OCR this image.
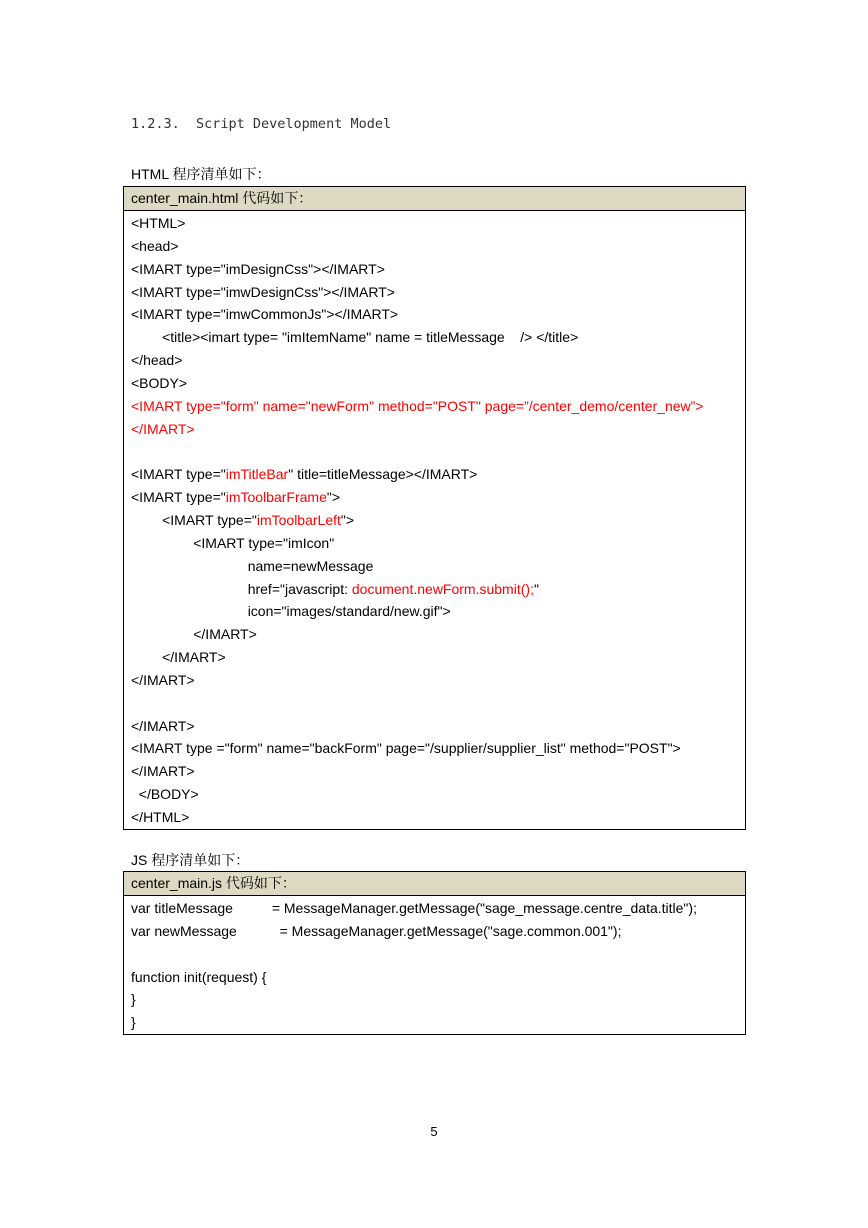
1.2.3.  Script Development Model
HTML 程序清单如下：
center_main.html 代码如下：
<HTML>
<head>
<IMART type="imDesignCss"></IMART>
<IMART type="imwDesignCss"></IMART>
<IMART type="imwCommonJs"></IMART>
<title><imart type= "imItemName" name = titleMessage    /> </title>
</head>
<BODY>
<IMART type="form" name="newForm" method="POST" page=”/center_demo/center_new”>
</IMART>
<IMART type="imTitleBar" title=titleMessage></IMART>
<IMART type="imToolbarFrame">
<IMART type="imToolbarLeft">
<IMART type="imIcon"
name=newMessage
href="javascript: document.newForm.submit();"
icon="images/standard/new.gif">
</IMART>
</IMART>
</IMART>
</IMART>
<IMART type ="form" name="backForm" page="/supplier/supplier_list" method="POST">
</IMART>
</BODY>
</HTML>
JS 程序清单如下：
center_main.js 代码如下：
var titleMessage          = MessageManager.getMessage("sage_message.centre_data.title");
var newMessage           = MessageManager.getMessage("sage.common.001");
function init(request) {
}
}
5
